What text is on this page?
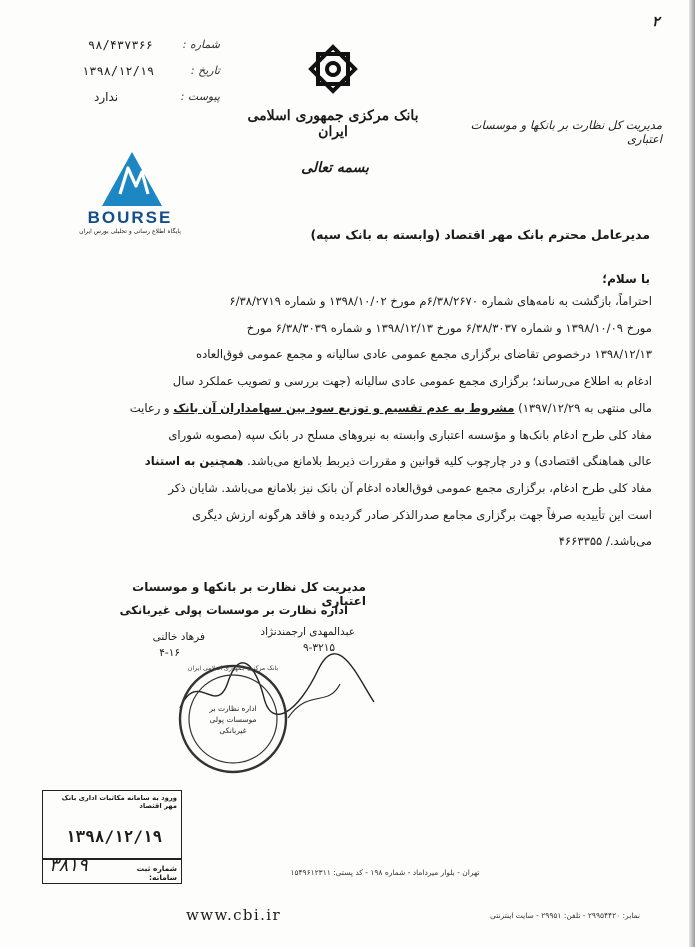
۲
شماره :
۹۸/۴۳۷۳۶۶
تاریخ :
۱۳۹۸/۱۲/۱۹
پیوست :
ندارد
بانک مرکزی جمهوری اسلامی ایران	مدیریت کل نظارت بر بانکها و موسسات اعتباری
بسمه تعالی
BOURSE
پایگاه اطلاع رسانی و تحلیلی بورس ایران	مدیرعامل محترم بانک مهر اقتصاد (وابسته به بانک سپه)
با سلام؛
احتراماً، بازگشت به نامه‌های شماره ۶/۳۸/۲۶۷۰م مورخ ۱۳۹۸/۱۰/۰۲ و شماره ۶/۳۸/۲۷۱۹
مورخ ۱۳۹۸/۱۰/۰۹ و شماره ۶/۳۸/۳۰۳۷ مورخ ۱۳۹۸/۱۲/۱۳ و شماره ۶/۳۸/۳۰۳۹ مورخ
۱۳۹۸/۱۲/۱۳ درخصوص تقاضای برگزاری مجمع عمومی عادی سالیانه و مجمع عمومی فوق‌العاده
ادغام به اطلاع می‌رساند؛ برگزاری مجمع عمومی عادی سالیانه (جهت بررسی و تصویب عملکرد سال
مالی منتهی به ۱۳۹۷/۱۲/۲۹) مشروط به عدم تقسیم و توزیع سود بین سهامداران آن بانک و رعایت
مفاد کلی طرح ادغام بانک‌ها و مؤسسه اعتباری وابسته به نیروهای مسلح در بانک سپه (مصوبه شورای
عالی هماهنگی اقتصادی) و در چارچوب کلیه قوانین و مقررات ذیربط بلامانع می‌باشد. همچنین به استناد
مفاد کلی طرح ادغام، برگزاری مجمع عمومی فوق‌العاده ادغام آن بانک نیز بلامانع می‌باشد. شایان ذکر
است این تأییدیه صرفاً جهت برگزاری مجامع صدرالذکر صادر گردیده و فاقد هرگونه ارزش دیگری
می‌باشد./ ۴۶۶۳۳۵۵
مدیریت کل نظارت بر بانکها و موسسات اعتباری
اداره نظارت بر موسسات پولی غیربانکی
عبدالمهدی ارجمندنژاد
۹-۳۲۱۵
فرهاد خالنی
۴-۱۶
بانک مرکزی جمهوری اسلامی ایران
اداره نظارت بر موسسات پولی غیربانکی
ورود به سامانه مکاتبات اداری بانک مهر اقتصاد
۱۳۹۸/۱۲/۱۹
شماره ثبت سامانه:
۳۸۱۹	تهران - بلوار میرداماد - شماره ۱۹۸ - کد پستی: ۱۵۴۹۶۱۲۳۱۱
www.cbi.ir	نمابر: ۲۹۹۵۴۴۲۰ - تلفن: ۲۹۹۵۱ - سایت اینترنتی
